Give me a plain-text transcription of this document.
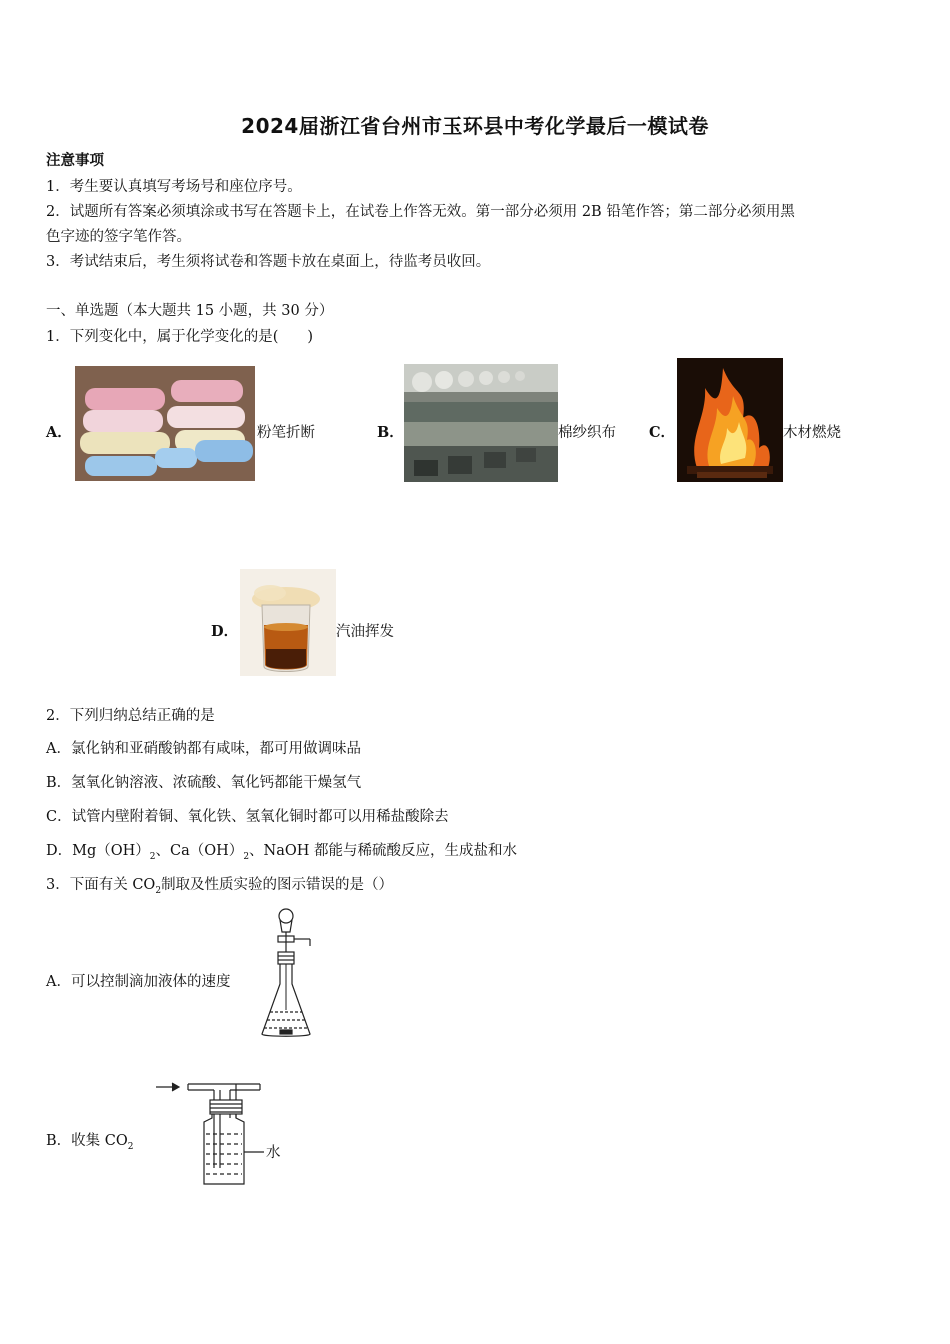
2024届浙江省台州市玉环县中考化学最后一模试卷
注意事项
1．考生要认真填写考场号和座位序号。
2．试题所有答案必须填涂或书写在答题卡上，在试卷上作答无效。第一部分必须用 2B 铅笔作答；第二部分必须用黑
色字迹的签字笔作答。
3．考试结束后，考生须将试卷和答题卡放在桌面上，待监考员收回。
一、单选题（本大题共 15 小题，共 30 分）
1．下列变化中，属于化学变化的是(　　)
A．	粉笔折断	B．	棉纱织布 C．	木材燃烧
D．	汽油挥发
2．下列归纳总结正确的是
A．氯化钠和亚硝酸钠都有咸味，都可用做调味品
B．氢氧化钠溶液、浓硫酸、氧化钙都能干燥氢气
C．试管内壁附着铜、氧化铁、氢氧化铜时都可以用稀盐酸除去
D．$Mg(OH)_2$、$Ca(OH)_2$、NaOH 都能与稀硫酸反应，生成盐和水
3．下面有关 $CO_2$制取及性质实验的图示错误的是（）
A．可以控制滴加液体的速度
B．收集 $CO_2$	水
